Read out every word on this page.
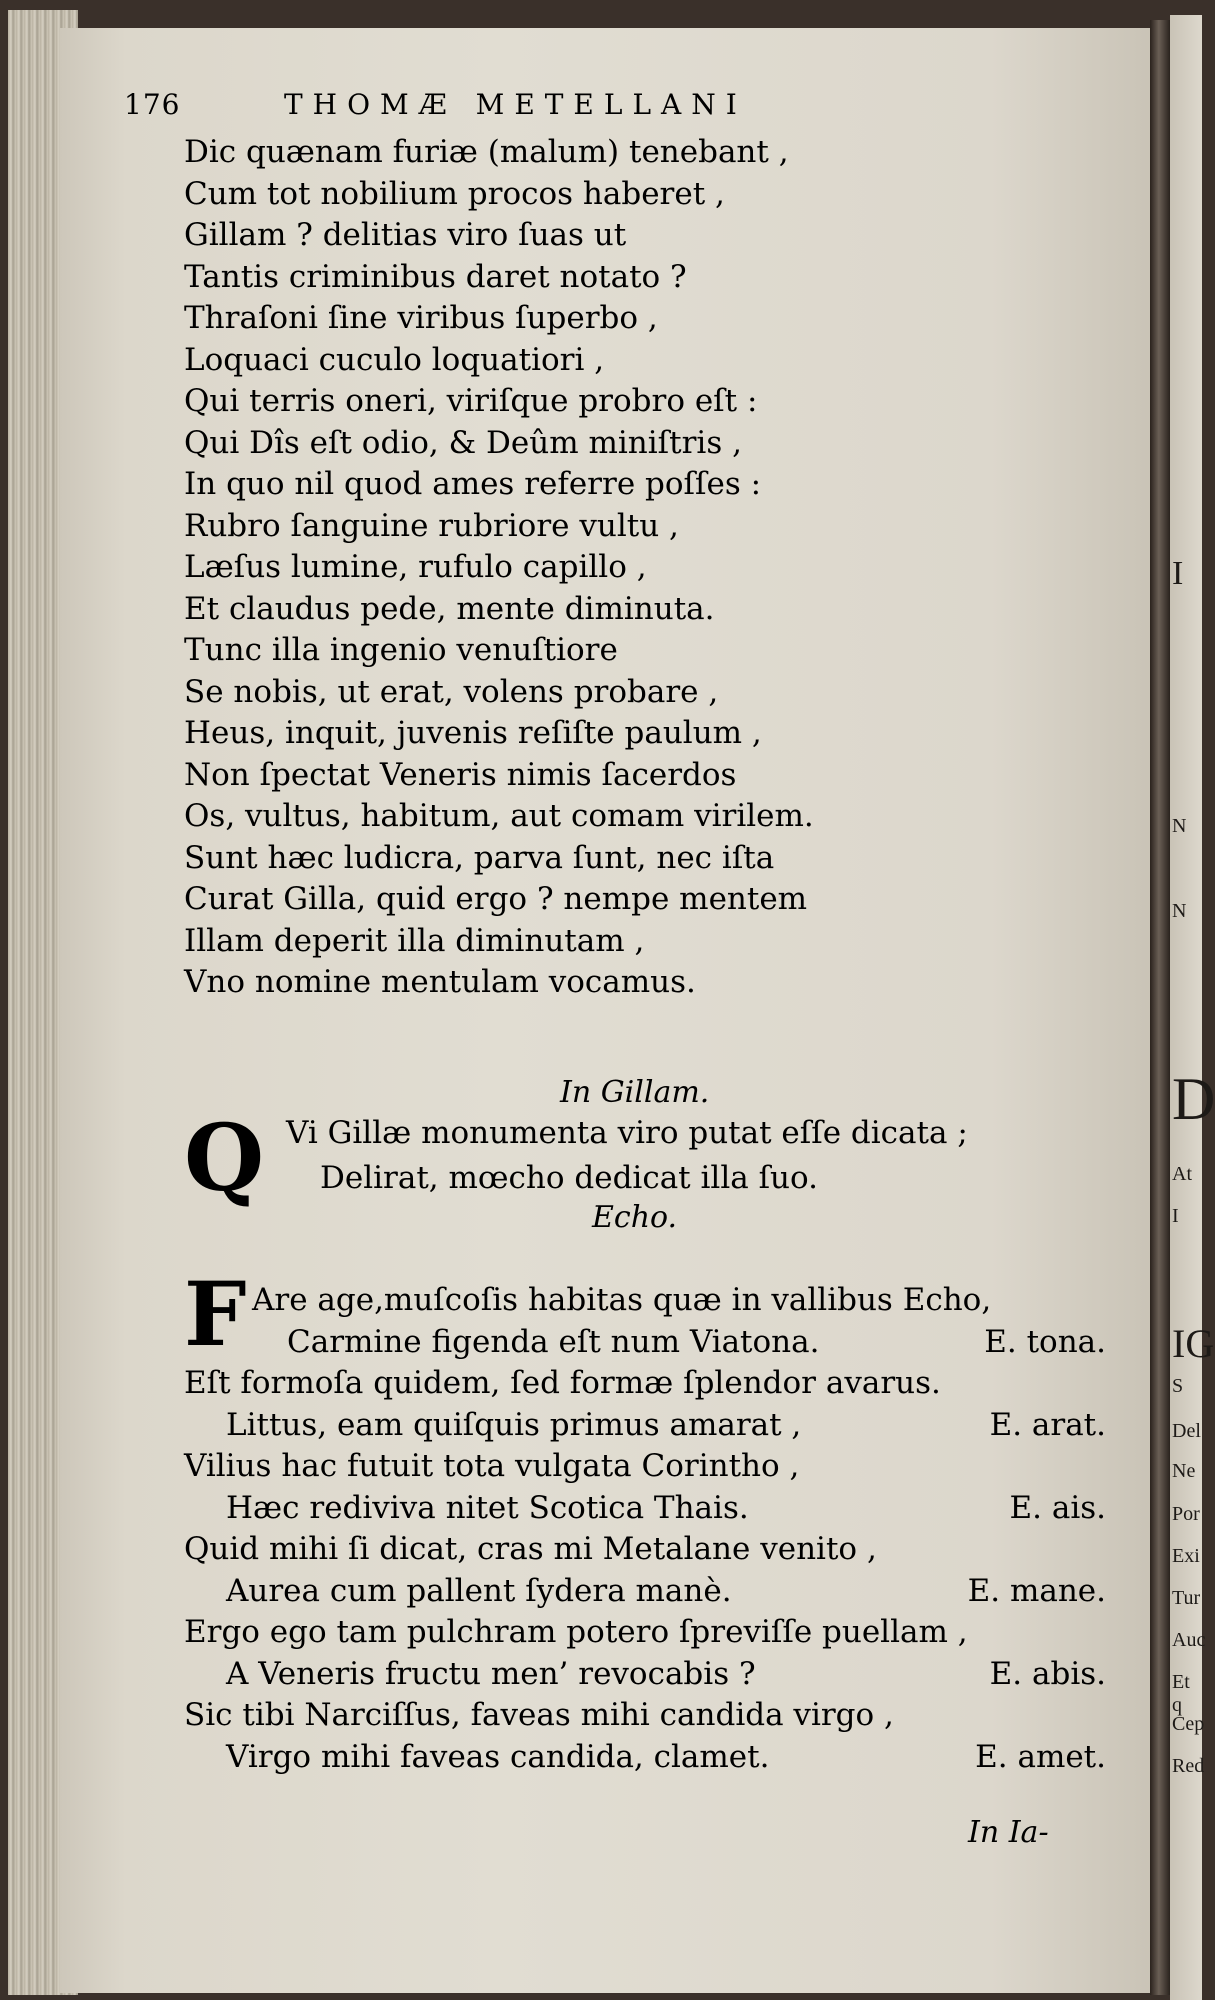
176	THOMÆ METELLANI
Dic quænam furiæ (malum) tenebant ,
Cum tot nobilium procos haberet ,
Gillam ? delitias viro ſuas ut
Tantis criminibus daret notato ?
Thraſoni ſine viribus ſuperbo ,
Loquaci cuculo loquatiori ,
Qui terris oneri, viriſque probro eſt :
Qui Dîs eſt odio, & Deûm miniſtris ,
In quo nil quod ames referre poſſes :
Rubro ſanguine rubriore vultu ,
Læſus lumine, rufulo capillo ,
Et claudus pede, mente diminuta.
Tunc illa ingenio venuſtiore
Se nobis, ut erat, volens probare ,
Heus, inquit, juvenis reſiſte paulum ,
Non ſpectat Veneris nimis ſacerdos
Os, vultus, habitum, aut comam virilem.
Sunt hæc ludicra, parva ſunt, nec iſta
Curat Gilla, quid ergo ? nempe mentem
Illam deperit illa diminutam ,
Vno nomine mentulam vocamus.
In Gillam.
Q Vi Gillæ monumenta viro putat eſſe dicata ;
Delirat, mœcho dedicat illa ſuo.
Echo.
F Are age,muſcoſis habitas quæ in vallibus Echo,
Carmine figenda eſt num Viatona.	E. tona.
Eſt formoſa quidem, ſed formæ ſplendor avarus.
Littus, eam quiſquis primus amarat ,	E. arat.
Vilius hac futuit tota vulgata Corintho ,
Hæc rediviva nitet Scotica Thais.	E. ais.
Quid mihi ſi dicat, cras mi Metalane venito ,
Aurea cum pallent ſydera manè.	E. mane.
Ergo ego tam pulchram potero ſpreviſſe puellam ,
A Veneris fructu men’ revocabis ?	E. abis.
Sic tibi Narciſſus, faveas mihi candida virgo ,
Virgo mihi faveas candida, clamet.	E. amet.
In Ia-
I
N
N
D
At
I
IG
S
Del
Ne
Por
Exi
Tur
Auc
Et q
Cep
Red
